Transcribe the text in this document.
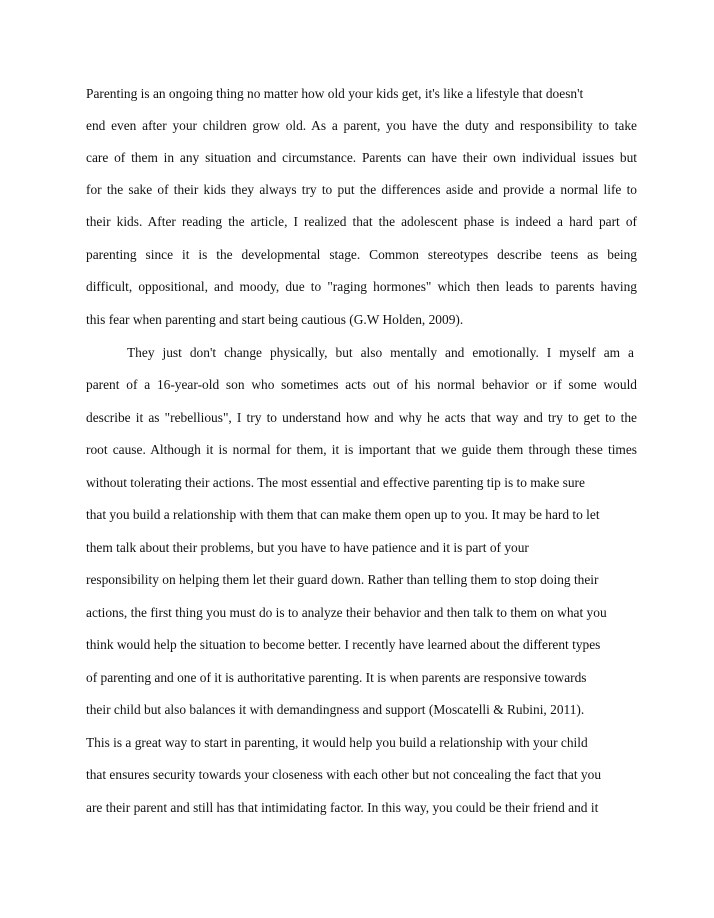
Parenting is an ongoing thing no matter how old your kids get, it's like a lifestyle that doesn't
end even after your children grow old. As a parent, you have the duty and responsibility to take
care of them in any situation and circumstance. Parents can have their own individual issues but
for the sake of their kids they always try to put the differences aside and provide a normal life to
their kids. After reading the article, I realized that the adolescent phase is indeed a hard part of
parenting since it is the developmental stage. Common stereotypes describe teens as being
difficult, oppositional, and moody, due to "raging hormones" which then leads to parents having
this fear when parenting and start being cautious (G.W Holden, 2009).
They just don't change physically, but also mentally and emotionally. I myself am a
parent of a 16-year-old son who sometimes acts out of his normal behavior or if some would
describe it as "rebellious", I try to understand how and why he acts that way and try to get to the
root cause. Although it is normal for them, it is important that we guide them through these times
without tolerating their actions. The most essential and effective parenting tip is to make sure
that you build a relationship with them that can make them open up to you. It may be hard to let
them talk about their problems, but you have to have patience and it is part of your
responsibility on helping them let their guard down. Rather than telling them to stop doing their
actions, the first thing you must do is to analyze their behavior and then talk to them on what you
think would help the situation to become better. I recently have learned about the different types
of parenting and one of it is authoritative parenting. It is when parents are responsive towards
their child but also balances it with demandingness and support (Moscatelli & Rubini, 2011).
This is a great way to start in parenting, it would help you build a relationship with your child
that ensures security towards your closeness with each other but not concealing the fact that you
are their parent and still has that intimidating factor. In this way, you could be their friend and it
